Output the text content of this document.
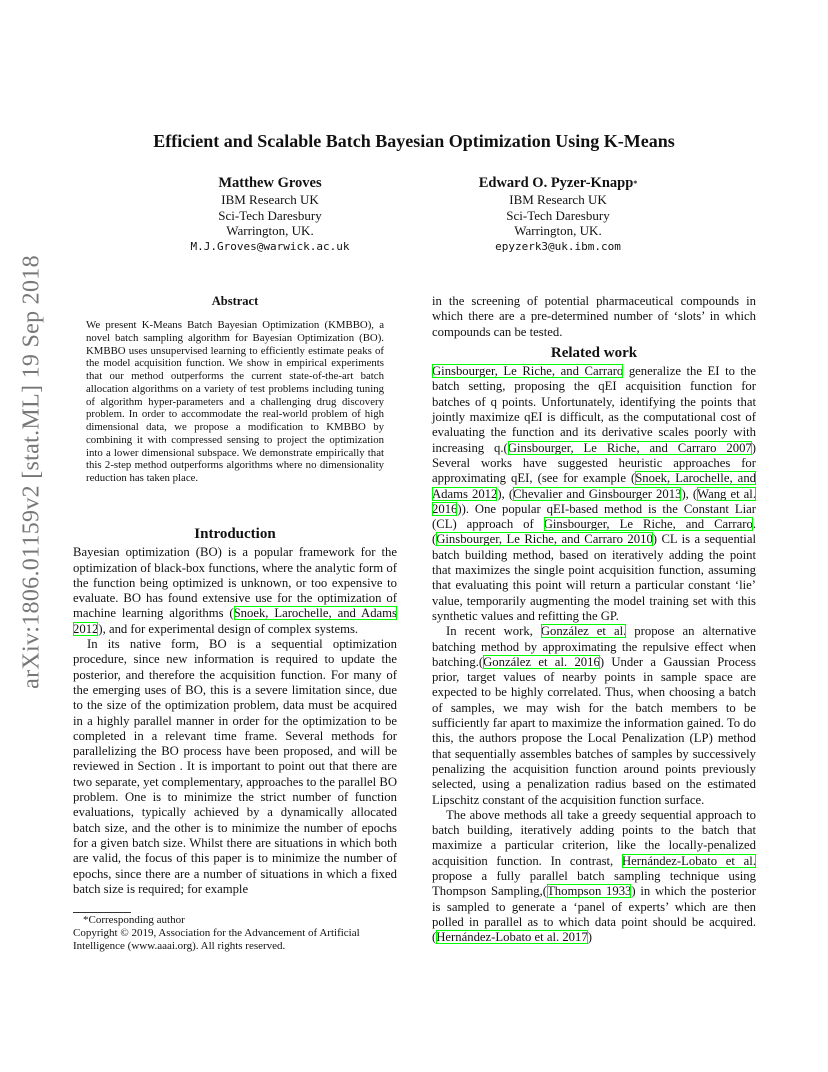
arXiv:1806.01159v2 [stat.ML] 19 Sep 2018
Efficient and Scalable Batch Bayesian Optimization Using K-Means
Matthew Groves
IBM Research UK
Sci-Tech Daresbury
Warrington, UK.
M.J.Groves@warwick.ac.uk
Edward O. Pyzer-Knapp*
IBM Research UK
Sci-Tech Daresbury
Warrington, UK.
epyzerk3@uk.ibm.com
Abstract
We present K-Means Batch Bayesian Optimization (KMBBO), a novel batch sampling algorithm for Bayesian Optimization (BO). KMBBO uses unsupervised learning to efficiently estimate peaks of the model acquisition function. We show in empirical experiments that our method outperforms the current state-of-the-art batch allocation algorithms on a variety of test problems including tuning of algorithm hyper-parameters and a challenging drug discovery problem. In order to accommodate the real-world problem of high dimensional data, we propose a modification to KMBBO by combining it with compressed sensing to project the optimization into a lower dimensional subspace. We demonstrate empirically that this 2-step method outperforms algorithms where no dimensionality reduction has taken place.
Introduction

Bayesian optimization (BO) is a popular framework for the optimization of black-box functions, where the analytic form of the function being optimized is unknown, or too expensive to evaluate. BO has found extensive use for the optimization of machine learning algorithms (Snoek, Larochelle, and Adams 2012), and for experimental design of complex systems.

In its native form, BO is a sequential optimization procedure, since new information is required to update the posterior, and therefore the acquisition function. For many of the emerging uses of BO, this is a severe limitation since, due to the size of the optimization problem, data must be acquired in a highly parallel manner in order for the optimization to be completed in a relevant time frame. Several methods for parallelizing the BO process have been proposed, and will be reviewed in Section . It is important to point out that there are two separate, yet complementary, approaches to the parallel BO problem. One is to minimize the strict number of function evaluations, typically achieved by a dynamically allocated batch size, and the other is to minimize the number of epochs for a given batch size. Whilst there are situations in which both are valid, the focus of this paper is to minimize the number of epochs, since there are a number of situations in which a fixed batch size is required; for example

*Corresponding author
Copyright © 2019, Association for the Advancement of Artificial Intelligence (www.aaai.org). All rights reserved.

in the screening of potential pharmaceutical compounds in which there are a pre-determined number of ‘slots’ in which compounds can be tested.

Related work

Ginsbourger, Le Riche, and Carraro generalize the EI to the batch setting, proposing the qEI acquisition function for batches of q points. Unfortunately, identifying the points that jointly maximize qEI is difficult, as the computational cost of evaluating the function and its derivative scales poorly with increasing q.(Ginsbourger, Le Riche, and Carraro 2007) Several works have suggested heuristic approaches for approximating qEI, (see for example (Snoek, Larochelle, and Adams 2012), (Chevalier and Ginsbourger 2013), (Wang et al. 2016)). One popular qEI-based method is the Constant Liar (CL) approach of Ginsbourger, Le Riche, and Carraro.(Ginsbourger, Le Riche, and Carraro 2010) CL is a sequential batch building method, based on iteratively adding the point that maximizes the single point acquisition function, assuming that evaluating this point will return a particular constant ‘lie’ value, temporarily augmenting the model training set with this synthetic values and refitting the GP.

In recent work, González et al. propose an alternative batching method by approximating the repulsive effect when batching.(González et al. 2016) Under a Gaussian Process prior, target values of nearby points in sample space are expected to be highly correlated. Thus, when choosing a batch of samples, we may wish for the batch members to be sufficiently far apart to maximize the information gained. To do this, the authors propose the Local Penalization (LP) method that sequentially assembles batches of samples by successively penalizing the acquisition function around points previously selected, using a penalization radius based on the estimated Lipschitz constant of the acquisition function surface.

The above methods all take a greedy sequential approach to batch building, iteratively adding points to the batch that maximize a particular criterion, like the locally-penalized acquisition function. In contrast, Hernández-Lobato et al. propose a fully parallel batch sampling technique using Thompson Sampling,(Thompson 1933) in which the posterior is sampled to generate a ‘panel of experts’ which are then polled in parallel as to which data point should be acquired.(Hernández-Lobato et al. 2017)
